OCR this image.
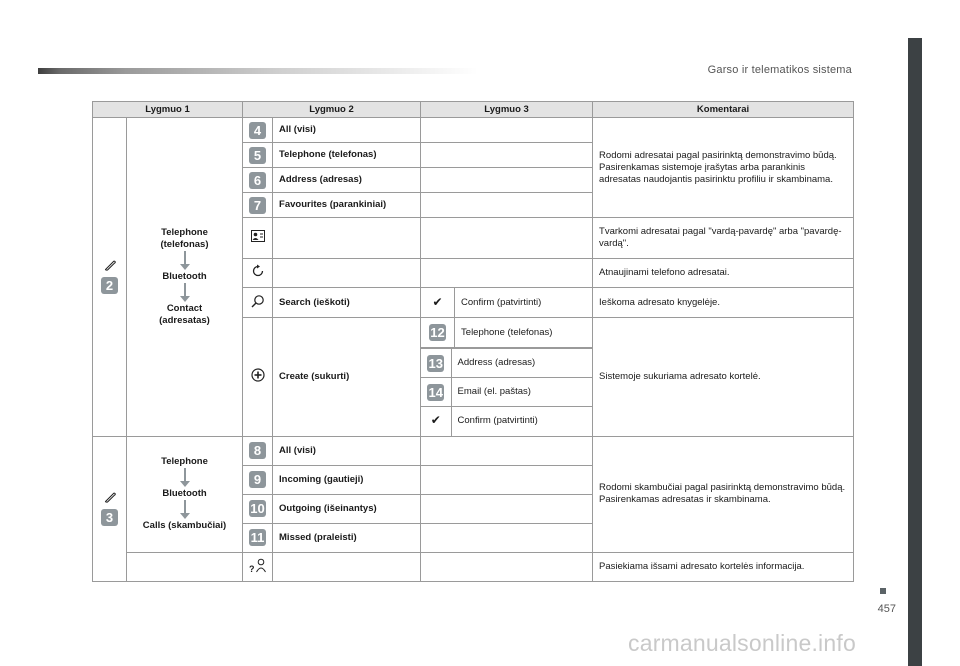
Garso ir telematikos sistema
457
carmanualsonline.info
Lygmuo 1	Lygmuo 2	Lygmuo 3	Komentarai

2

Telephone (telefonas)
Bluetooth
Contact (adresatas)
	4	All (visi)		Rodomi adresatai pagal pasirinktą demonstravimo būdą.
Pasirenkamas sistemoje įrašytas arba parankinis adresatas naudojantis pasirinktu profiliu ir skambinama.
5	Telephone (telefonas)	
6	Address (adresas)	
7	Favourites (parankiniai)	

			Tvarkomi adresatai pagal "vardą-pavardę" arba "pavardę-vardą".

			Atnaujinami telefono adresatai.

	Search (ieškoti)	✔	Confirm (patvirtinti)	Ieškoma adresato knygelėje.

	Create (sukurti)	12	Telephone (telefonas)	Sistemoje sukuriama adresato kortelė.

13	Address (adresas)
14	Email (el. paštas)
✔	Confirm (patvirtinti)

3

Telephone
Bluetooth
Calls (skambučiai)
	8	All (visi)		Rodomi skambučiai pagal pasirinktą demonstravimo būdą.
Pasirenkamas adresatas ir skambinama.
9	Incoming (gautieji)	
10	Outgoing (išeinantys)	
11	Missed (praleisti)	

?			Pasiekiama išsami adresato kortelės informacija.
